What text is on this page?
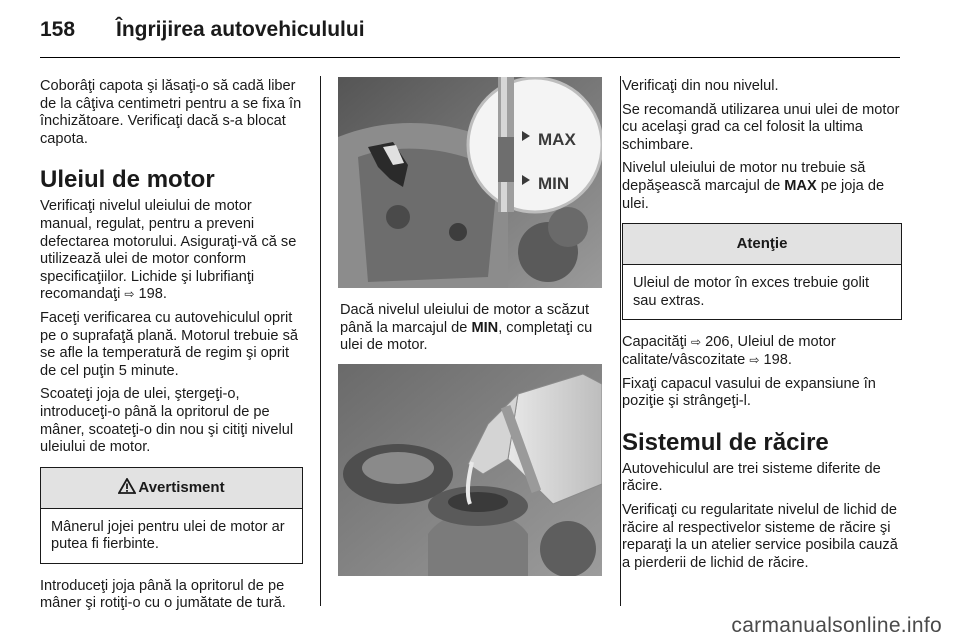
158 Îngrijirea autovehiculului

Coborâţi capota şi lăsaţi-o să cadă liber de la câţiva centimetri pentru a se fixa în închizătoare. Verificaţi dacă s-a blocat capota.

Uleiul de motor

Verificaţi nivelul uleiului de motor manual, regulat, pentru a preveni defectarea motorului. Asiguraţi-vă că se utilizează ulei de motor conform specificaţiilor. Lichide şi lubrifianţi recomandaţi ⇨ 198.

Faceţi verificarea cu autovehiculul oprit pe o suprafaţă plană. Motorul trebuie să se afle la temperatură de regim şi oprit de cel puţin 5 minute.

Scoateţi joja de ulei, ştergeţi-o, introduceţi-o până la opritorul de pe mâner, scoateţi-o din nou şi citiţi nivelul uleiului de motor.

Avertisment
Mânerul jojei pentru ulei de motor ar putea fi fierbinte.

Introduceţi joja până la opritorul de pe mâner şi rotiţi-o cu o jumătate de tură.

MAX
MIN

Dacă nivelul uleiului de motor a scăzut până la marcajul de MIN, completaţi cu ulei de motor.

Verificaţi din nou nivelul.

Se recomandă utilizarea unui ulei de motor cu acelaşi grad ca cel folosit la ultima schimbare.

Nivelul uleiului de motor nu trebuie să depăşească marcajul de MAX pe joja de ulei.

Atenţie
Uleiul de motor în exces trebuie golit sau extras.

Capacităţi ⇨ 206, Uleiul de motor calitate/vâscozitate ⇨ 198.

Fixaţi capacul vasului de expansiune în poziţie şi strângeţi-l.

Sistemul de răcire

Autovehiculul are trei sisteme diferite de răcire.

Verificaţi cu regularitate nivelul de lichid de răcire al respectivelor sisteme de răcire şi reparaţi la un atelier service posibila cauză a pierderii de lichid de răcire.

carmanualsonline.info
